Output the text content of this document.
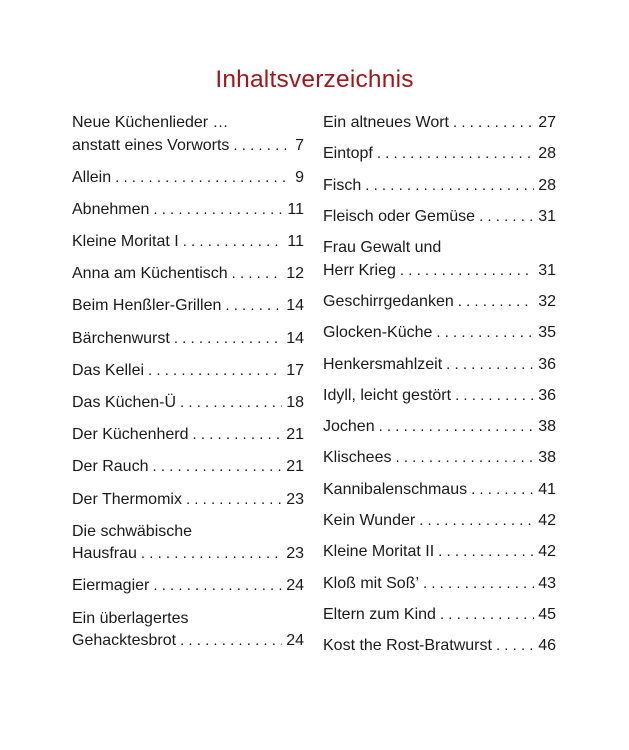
Inhaltsverzeichnis
Neue Küchenlieder …
anstatt eines Vorworts . . .	7
Allein . . .	9
Abnehmen . . .	11
Kleine Moritat I . . .	11
Anna am Küchentisch . . .	12
Beim Henßler-Grillen . . .	14
Bärchenwurst . . .	14
Das Kellei . . .	17
Das Küchen-Ü . . .	18
Der Küchenherd . . .	21
Der Rauch . . .	21
Der Thermomix . . .	23
Die schwäbische
Hausfrau . . .	23
Eiermagier . . .	24
Ein überlagertes
Gehacktesbrot . . .	24
Ein altneues Wort . . .	27
Eintopf . . .	28
Fisch . . .	28
Fleisch oder Gemüse . . .	31
Frau Gewalt und
Herr Krieg . . .	31
Geschirrgedanken . . .	32
Glocken-Küche . . .	35
Henkersmahlzeit . . .	36
Idyll, leicht gestört . . .	36
Jochen . . .	38
Klischees . . .	38
Kannibalenschmaus . . .	41
Kein Wunder . . .	42
Kleine Moritat II . . .	42
Kloß mit Soß’ . . .	43
Eltern zum Kind . . .	45
Kost the Rost-Bratwurst . . .	46
